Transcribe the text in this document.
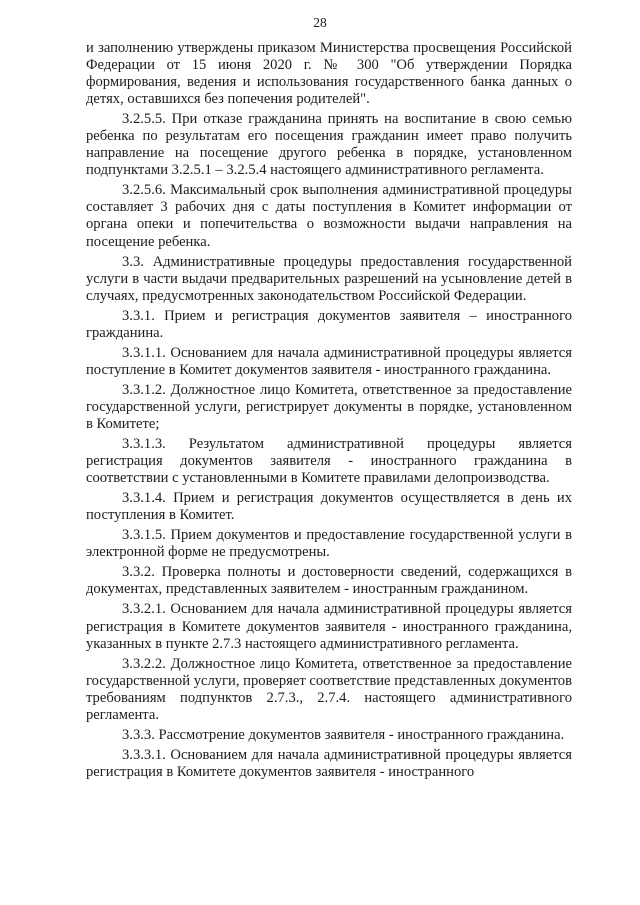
28

и заполнению утверждены приказом Министерства просвещения Российской Федерации от 15 июня 2020 г. № 300 "Об утверждении Порядка формирования, ведения и использования государственного банка данных о детях, оставшихся без попечения родителей".

3.2.5.5. При отказе гражданина принять на воспитание в свою семью ребенка по результатам его посещения гражданин имеет право получить направление на посещение другого ребенка в порядке, установленном подпунктами 3.2.5.1 – 3.2.5.4 настоящего административного регламента.

3.2.5.6. Максимальный срок выполнения административной процедуры составляет 3 рабочих дня с даты поступления в Комитет информации от органа опеки и попечительства о возможности выдачи направления на посещение ребенка.

3.3. Административные процедуры предоставления государственной услуги в части выдачи предварительных разрешений на усыновление детей в случаях, предусмотренных законодательством Российской Федерации.

3.3.1. Прием и регистрация документов заявителя – иностранного гражданина.

3.3.1.1. Основанием для начала административной процедуры является поступление в Комитет документов заявителя - иностранного гражданина.

3.3.1.2. Должностное лицо Комитета, ответственное за предоставление государственной услуги, регистрирует документы в порядке, установленном в Комитете;

3.3.1.3. Результатом административной процедуры является регистрация документов заявителя - иностранного гражданина в соответствии с установленными в Комитете правилами делопроизводства.

3.3.1.4. Прием и регистрация документов осуществляется в день их поступления в Комитет.

3.3.1.5. Прием документов и предоставление государственной услуги в электронной форме не предусмотрены.

3.3.2. Проверка полноты и достоверности сведений, содержащихся в документах, представленных заявителем - иностранным гражданином.

3.3.2.1. Основанием для начала административной процедуры является регистрация в Комитете документов заявителя - иностранного гражданина, указанных в пункте 2.7.3 настоящего административного регламента.

3.3.2.2. Должностное лицо Комитета, ответственное за предоставление государственной услуги, проверяет соответствие представленных документов требованиям подпунктов 2.7.3., 2.7.4. настоящего административного регламента.

3.3.3. Рассмотрение документов заявителя - иностранного гражданина.

3.3.3.1. Основанием для начала административной процедуры является регистрация в Комитете документов заявителя - иностранного
